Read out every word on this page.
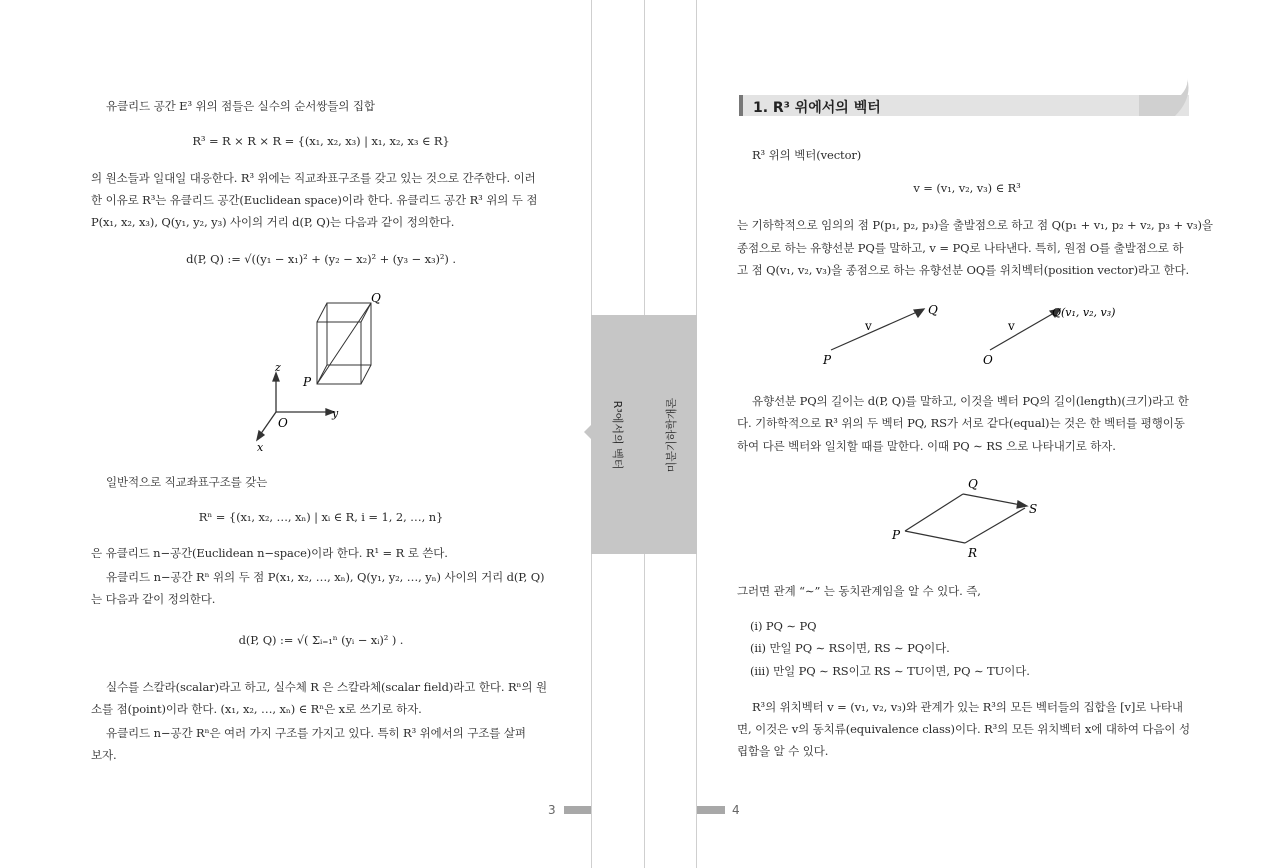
유클리드 공간 E³ 위의 점들은 실수의 순서쌍들의 집합
R³ = R × R × R = {(x₁, x₂, x₃) | x₁, x₂, x₃ ∈ R}
의 원소들과 일대일 대응한다. R³ 위에는 직교좌표구조를 갖고 있는 것으로 간주한다. 이러
한 이유로 R³는 유클리드 공간(Euclidean space)이라 한다. 유클리드 공간 R³ 위의 두 점
P(x₁, x₂, x₃), Q(y₁, y₂, y₃) 사이의 거리 d(P, Q)는 다음과 같이 정의한다.
d(P, Q) := √((y₁ − x₁)² + (y₂ − x₂)² + (y₃ − x₃)²) .
Q
P
z
y
x
O
일반적으로 직교좌표구조를 갖는
Rⁿ = {(x₁, x₂, …, xₙ) | xᵢ ∈ R, i = 1, 2, …, n}
은 유클리드 n−공간(Euclidean n−space)이라 한다. R¹ = R 로 쓴다.
유클리드 n−공간 Rⁿ 위의 두 점 P(x₁, x₂, …, xₙ), Q(y₁, y₂, …, yₙ) 사이의 거리 d(P, Q)
는 다음과 같이 정의한다.
d(P, Q) := √( Σᵢ₌₁ⁿ (yᵢ − xᵢ)² ) .
실수를 스칼라(scalar)라고 하고, 실수체 R 은 스칼라체(scalar field)라고 한다. Rⁿ의 원
소를 점(point)이라 한다. (x₁, x₂, …, xₙ) ∈ Rⁿ은 x로 쓰기로 하자.
유클리드 n−공간 Rⁿ은 여러 가지 구조를 가지고 있다. 특히 R³ 위에서의 구조를 살펴
보자.
3
R³에서의 벡터	미분기하학개론
1. R³ 위에서의 벡터
R³ 위의 벡터(vector)
v = (v₁, v₂, v₃) ∈ R³
는 기하학적으로 임의의 점 P(p₁, p₂, p₃)을 출발점으로 하고 점 Q(p₁ + v₁, p₂ + v₂, p₃ + v₃)을
종점으로 하는 유향선분 PQ를 말하고, v = PQ로 나타낸다. 특히, 원점 O를 출발점으로 하
고 점 Q(v₁, v₂, v₃)을 종점으로 하는 유향선분 OQ를 위치벡터(position vector)라고 한다.
Q
v
P
Q(v₁, v₂, v₃)
v
O
유향선분 PQ의 길이는 d(P, Q)를 말하고, 이것을 벡터 PQ의 길이(length)(크기)라고 한
다. 기하학적으로 R³ 위의 두 벡터 PQ, RS가 서로 같다(equal)는 것은 한 벡터를 평행이동
하여 다른 벡터와 일치할 때를 말한다. 이때 PQ ∼ RS 으로 나타내기로 하자.
Q
S
P
R
그러면 관계 “∼” 는 동치관계임을 알 수 있다. 즉,
(i) PQ ∼ PQ
(ii) 만일 PQ ∼ RS이면, RS ∼ PQ이다.
(iii) 만일 PQ ∼ RS이고 RS ∼ TU이면, PQ ∼ TU이다.
R³의 위치벡터 v = (v₁, v₂, v₃)와 관계가 있는 R³의 모든 벡터들의 집합을 [v]로 나타내
면, 이것은 v의 동치류(equivalence class)이다. R³의 모든 위치벡터 x에 대하여 다음이 성
립함을 알 수 있다.
4
